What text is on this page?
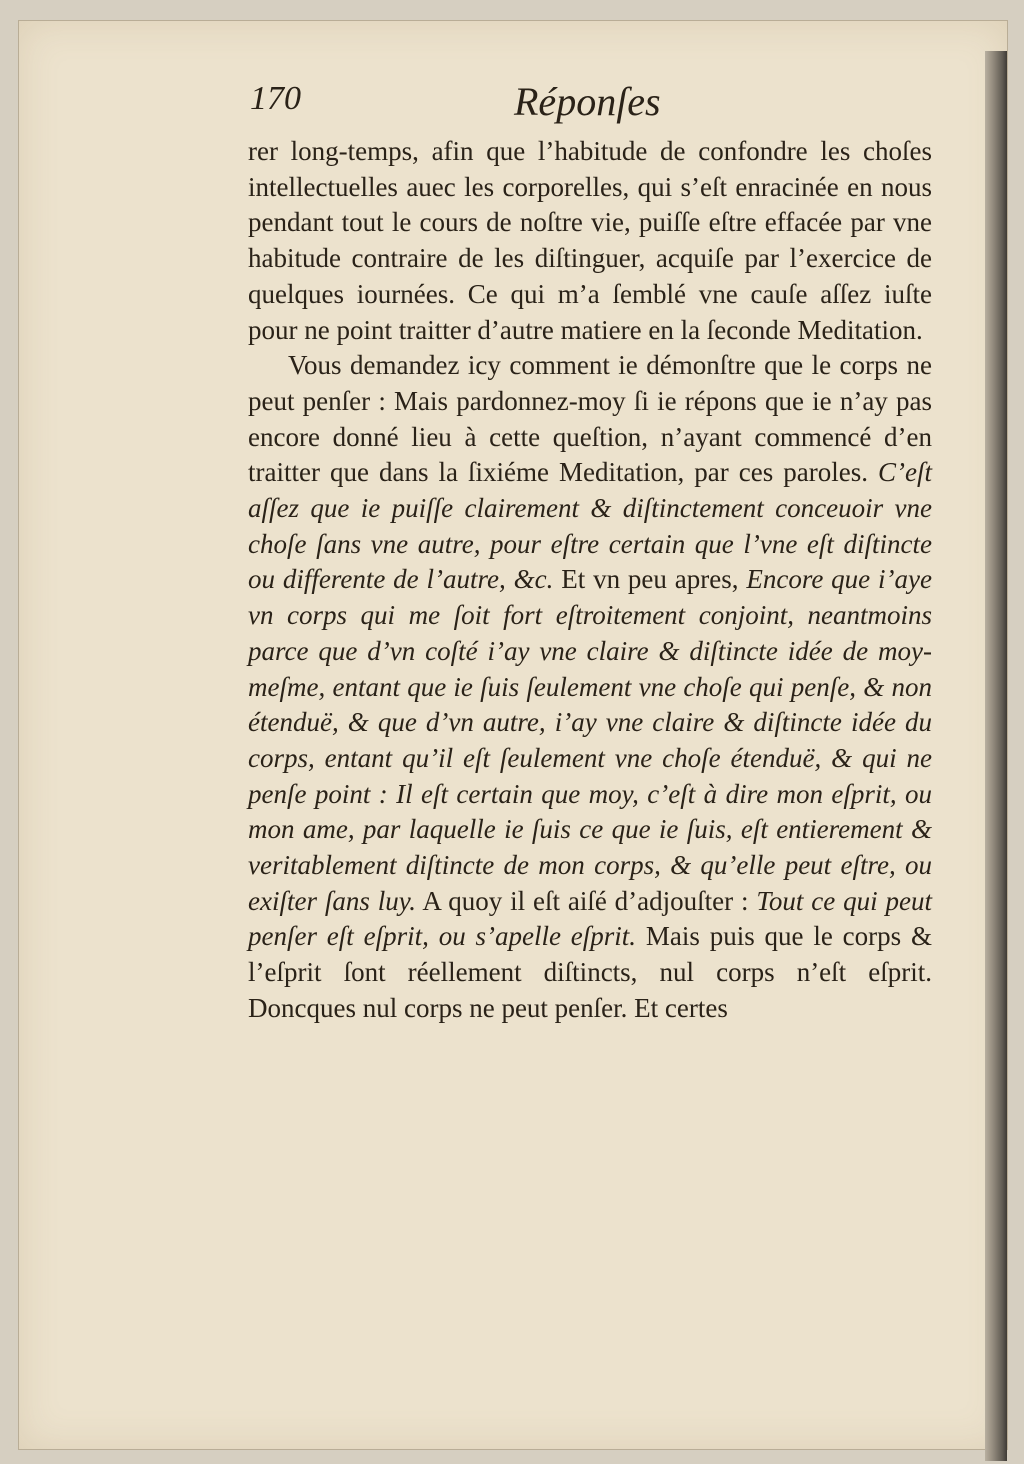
170	Réponſes

rer long-temps, afin que l’habitude de confondre les choſes intellectuelles auec les corporelles, qui s’eſt enracinée en nous pendant tout le cours de noſtre vie, puiſſe eſtre effacée par vne habitude contraire de les diſtinguer, acquiſe par l’exercice de quelques iournées. Ce qui m’a ſemblé vne cauſe aſſez iuſte pour ne point traitter d’autre matiere en la ſeconde Meditation.

Vous demandez icy comment ie démonſtre que le corps ne peut penſer : Mais pardonnez-moy ſi ie répons que ie n’ay pas encore donné lieu à cette queſtion, n’ayant commencé d’en traitter que dans la ſixiéme Meditation, par ces paroles. C’eſt aſſez que ie puiſſe clairement & diſtinctement conceuoir vne choſe ſans vne autre, pour eſtre certain que l’vne eſt diſtincte ou differente de l’autre, &c. Et vn peu apres, Encore que i’aye vn corps qui me ſoit fort eſtroitement conjoint, neantmoins parce que d’vn coſté i’ay vne claire & diſtincte idée de moy-meſme, entant que ie ſuis ſeulement vne choſe qui penſe, & non étenduë, & que d’vn autre, i’ay vne claire & diſtincte idée du corps, entant qu’il eſt ſeulement vne choſe étenduë, & qui ne penſe point : Il eſt certain que moy, c’eſt à dire mon eſprit, ou mon ame, par laquelle ie ſuis ce que ie ſuis, eſt entierement & veritablement diſtincte de mon corps, & qu’elle peut eſtre, ou exiſter ſans luy. A quoy il eſt aiſé d’adjouſter : Tout ce qui peut penſer eſt eſprit, ou s’apelle eſprit. Mais puis que le corps & l’eſprit ſont réellement diſtincts, nul corps n’eſt eſprit. Doncques nul corps ne peut penſer. Et certes
